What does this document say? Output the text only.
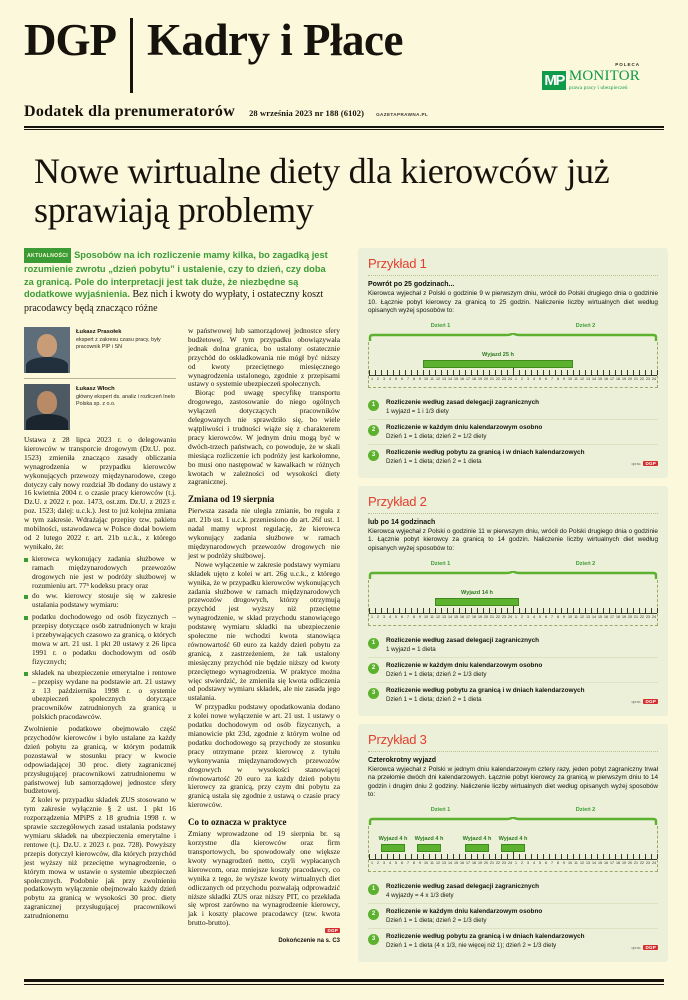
DGP Kadry i Płace
Dodatek dla prenumeratorów 28 września 2023 nr 188 (6102)	GAZETAPRAWNA.PL
POLECA
MP MONITOR
prawa pracy i ubezpieczeń
Nowe wirtualne diety dla kierowców już sprawiają problemy
AKTUALNOŚCI Sposobów na ich rozliczenie mamy kilka, bo zagadką jest rozumienie zwrotu „dzień pobytu” i ustalenie, czy to dzień, czy doba za granicą. Pole do interpretacji jest tak duże, że niezbędne są dodatkowe wyjaśnienia. Bez nich i kwoty do wypłaty, i ostateczny koszt pracodawcy będą znacząco różne
Łukasz Prasołek
ekspert z zakresu czasu pracy, były pracownik PIP i SN
Łukasz Włoch
główny ekspert ds. analiz i rozliczeń Inelo Polska sp. z o.o.

Ustawa z 28 lipca 2023 r. o delegowaniu kierowców w transporcie drogowym (Dz.U. poz. 1523) zmieniła znacząco zasady obliczania wynagrodzenia w przypadku kierowców wykonujących przewozy międzynarodowe, czego dotyczy cały nowy rozdział 3b dodany do ustawy z 16 kwietnia 2004 r. o czasie pracy kierowców (t.j. Dz.U. z 2022 r. poz. 1473, ost.zm. Dz.U. z 2023 r. poz. 1523; dalej: u.c.k.). Jest to już kolejna zmiana w tym zakresie. Wdrażając przepisy tzw. pakietu mobilności, ustawodawca w Polsce dodał bowiem od 2 lutego 2022 r. art. 21b u.c.k., z którego wynikało, że:

kierowca wykonujący zadania służbowe w ramach międzynarodowych przewozów drogowych nie jest w podróży służbowej w rozumieniu art. 77⁵ kodeksu pracy oraz
do ww. kierowcy stosuje się w zakresie ustalania podstawy wymiaru:
podatku dochodowego od osób fizycznych – przepisy dotyczące osób zatrudnionych w kraju i przebywających czasowo za granicą, o których mowa w art. 21 ust. 1 pkt 20 ustawy z 26 lipca 1991 r. o podatku dochodowym od osób fizycznych;
składek na ubezpieczenie emerytalne i rentowe – przepisy wydane na podstawie art. 21 ustawy z 13 października 1998 r. o systemie ubezpieczeń społecznych dotyczące pracowników zatrudnionych za granicą u polskich pracodawców.

Zwolnienie podatkowe obejmowało część przychodów kierowców i było ustalane za każdy dzień pobytu za granicą, w którym podatnik pozostawał w stosunku pracy w kwocie odpowiadającej 30 proc. diety zagranicznej przysługującej pracownikowi zatrudnionemu w państwowej lub samorządowej jednostce sfery budżetowej.

Z kolei w przypadku składek ZUS stosowano w tym zakresie wyłącznie § 2 ust. 1 pkt 16 rozporządzenia MPiPS z 18 grudnia 1998 r. w sprawie szczegółowych zasad ustalania podstawy wymiaru składek na ubezpieczenia emerytalne i rentowe (t.j. Dz.U. z 2023 r. poz. 728). Powyższy przepis dotyczył kierowców, dla których przychód jest wyższy niż przeciętne wynagrodzenie, o którym mowa w ustawie o systemie ubezpieczeń społecznych. Podobnie jak przy zwolnieniu podatkowym wyłączenie obejmowało każdy dzień pobytu za granicą w wysokości 30 proc. diety zagranicznej przysługującej pracownikowi zatrudnionemu

w państwowej lub samorządowej jednostce sfery budżetowej. W tym przypadku obowiązywała jednak dolna granica, bo ustalony ostatecznie przychód do oskładkowania nie mógł być niższy od kwoty przeciętnego miesięcznego wynagrodzenia ustalonego, zgodnie z przepisami ustawy o systemie ubezpieczeń społecznych.

Biorąc pod uwagę specyfikę transportu drogowego, zastosowanie do niego ogólnych wyłączeń dotyczących pracowników delegowanych nie sprawdziło się, bo wiele wątpliwości i trudności wiąże się z charakterem pracy kierowców. W jednym dniu mogą być w dwóch-trzech państwach, co powoduje, że w skali miesiąca rozliczenie ich podróży jest karkołomne, bo musi ono następować w kawałkach w różnych kwotach w zależności od wysokości diety zagranicznej.

Zmiana od 19 sierpnia

Pierwsza zasada nie uległa zmianie, bo reguła z art. 21b ust. 1 u.c.k. przeniesiono do art. 26f ust. 1 nadal mamy wprost regulację, że kierowca wykonujący zadania służbowe w ramach międzynarodowych przewozów drogowych nie jest w podróży służbowej.

Nowe wyłączenie w zakresie podstawy wymiaru składek ujęto z kolei w art. 26g u.c.k., z którego wynika, że w przypadku kierowców wykonujących zadania służbowe w ramach międzynarodowych przewozów drogowych, którzy otrzymują przychód jest wyższy niż przeciętne wynagrodzenie, w skład przychodu stanowiącego podstawę wymiaru składki na ubezpieczenie społeczne nie wchodzi kwota stanowiąca równowartość 60 euro za każdy dzień pobytu za granicą, z zastrzeżeniem, że tak ustalony miesięczny przychód nie będzie niższy od kwoty przeciętnego wynagrodzenia. W praktyce można więc stwierdzić, że zmieniła się kwota odliczenia od podstawy wymiaru składek, ale nie zasada jego ustalania.

W przypadku podstawy opodatkowania dodano z kolei nowe wyłączenie w art. 21 ust. 1 ustawy o podatku dochodowym od osób fizycznych, a mianowicie pkt 23d, zgodnie z którym wolne od podatku dochodowego są przychody ze stosunku pracy otrzymane przez kierowcę z tytułu wykonywania międzynarodowych przewozów drogowych w wysokości stanowiącej równowartość 20 euro za każdy dzień pobytu kierowcy za granicą, przy czym dni pobytu za granicą ustala się zgodnie z ustawą o czasie pracy kierowców.

Co to oznacza w praktyce

Zmiany wprowadzone od 19 sierpnia br. są korzystne dla kierowców oraz firm transportowych, bo spowodowały one większe kwoty wynagrodzeń netto, czyli wypłacanych kierowcom, oraz mniejsze koszty pracodawcy, co wynika z tego, że wyższe kwoty wirtualnych diet odliczanych od przychodu pozwalają odprowadzić niższe składki ZUS oraz niższy PIT, co przekłada się wprost zarówno na wynagrodzenie kierowcy, jak i koszty płacowe pracodawcy (tzw. kwota brutto-brutto).

DGP
Dokończenie na s. C3
Przykład 1
Powrót po 25 godzinach...
Kierowca wyjechał z Polski o godzinie 9 w pierwszym dniu, wrócił do Polski drugiego dnia o godzinie 10. Łącznie pobyt kierowcy za granicą to 25 godzin. Naliczenie liczby wirtualnych diet według opisanych wyżej sposobów to:
Dzień 1	Dzień 2
Wyjazd 25 h
1 2 3 4 5 6 7 8 9 10 11 12 13 14 15 16 17 18 19 20 21 22 23 24 1 2 3 4 5 6 7 8 9 10 11 12 13 14 15 16 17 18 19 20 21 22 23 24
1	Rozliczenie według zasad delegacji zagranicznych
1 wyjazd = 1 i 1/3 diety
2	Rozliczenie w każdym dniu kalendarzowym osobno
Dzień 1 = 1 dieta; dzień 2 = 1/2 diety
3	Rozliczenie według pobytu za granicą i w dniach kalendarzowych
Dzień 1 = 1 dieta; dzień 2 = 1 dieta	oprac. DGP
Przykład 2
lub po 14 godzinach
Kierowca wyjechał z Polski o godzinie 11 w pierwszym dniu, wrócił do Polski drugiego dnia o godzinie 1. Łącznie pobyt kierowcy za granicą to 14 godzin. Naliczenie liczby wirtualnych diet według opisanych wyżej sposobów to:
Dzień 1	Dzień 2
Wyjazd 14 h
1 2 3 4 5 6 7 8 9 10 11 12 13 14 15 16 17 18 19 20 21 22 23 24 1 2 3 4 5 6 7 8 9 10 11 12 13 14 15 16 17 18 19 20 21 22 23 24
1	Rozliczenie według zasad delegacji zagranicznych
1 wyjazd = 1 dieta
2	Rozliczenie w każdym dniu kalendarzowym osobno
Dzień 1 = 1 dieta; dzień 2 = 1/3 diety
3	Rozliczenie według pobytu za granicą i w dniach kalendarzowych
Dzień 1 = 1 dieta; dzień 2 = 1 dieta	oprac. DGP
Przykład 3
Czterokrotny wyjazd
Kierowca wyjechał z Polski w jednym dniu kalendarzowym cztery razy, jeden pobyt zagraniczny trwał na przełomie dwóch dni kalendarzowych. Łącznie pobyt kierowcy za granicą w pierwszym dniu to 14 godzin i drugim dniu 2 godziny. Naliczenie liczby wirtualnych diet według opisanych wyżej sposobów to:
Dzień 1	Dzień 2
Wyjazd 4 h Wyjazd 4 h	Wyjazd 4 h Wyjazd 4 h
1 2 3 4 5 6 7 8 9 10 11 12 13 14 15 16 17 18 19 20 21 22 23 24 1 2 3 4 5 6 7 8 9 10 11 12 13 14 15 16 17 18 19 20 21 22 23 24
1	Rozliczenie według zasad delegacji zagranicznych
4 wyjazdy = 4 x 1/3 diety
2	Rozliczenie w każdym dniu kalendarzowym osobno
Dzień 1 = 1 dieta; dzień 2 = 1/3 diety
3	Rozliczenie według pobytu za granicą i w dniach kalendarzowych
Dzień 1 = 1 dieta (4 x 1/3, nie więcej niż 1); dzień 2 = 1/3 diety	oprac. DGP
